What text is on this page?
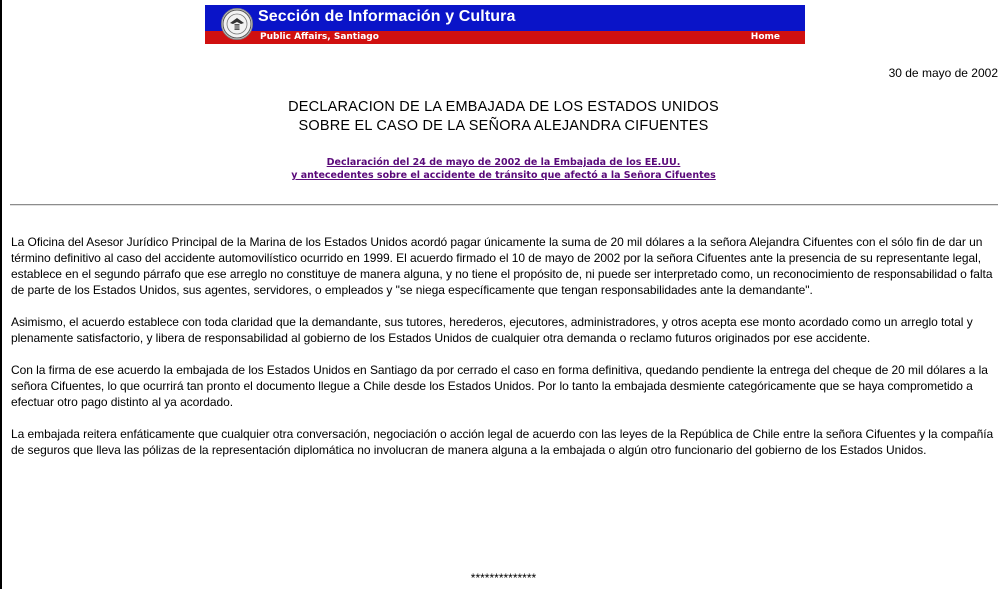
Sección de Información y Cultura
Public Affairs, Santiago	Home
30 de mayo de 2002
DECLARACION DE LA EMBAJADA DE LOS ESTADOS UNIDOS
SOBRE EL CASO DE LA SEÑORA ALEJANDRA CIFUENTES
Declaración del 24 de mayo de 2002 de la Embajada de los EE.UU.
y antecedentes sobre el accidente de tránsito que afectó a la Señora Cifuentes

La Oficina del Asesor Jurídico Principal de la Marina de los Estados Unidos acordó pagar únicamente la suma de 20 mil dólares a la señora Alejandra Cifuentes con el sólo fin de dar un término definitivo al caso del accidente automovilístico ocurrido en 1999. El acuerdo firmado el 10 de mayo de 2002 por la señora Cifuentes ante la presencia de su representante legal, establece en el segundo párrafo que ese arreglo no constituye de manera alguna, y no tiene el propósito de, ni puede ser interpretado como, un reconocimiento de responsabilidad o falta de parte de los Estados Unidos, sus agentes, servidores, o empleados y "se niega específicamente que tengan responsabilidades ante la demandante".

Asimismo, el acuerdo establece con toda claridad que la demandante, sus tutores, herederos, ejecutores, administradores, y otros acepta ese monto acordado como un arreglo total y plenamente satisfactorio, y libera de responsabilidad al gobierno de los Estados Unidos de cualquier otra demanda o reclamo futuros originados por ese accidente.

Con la firma de ese acuerdo la embajada de los Estados Unidos en Santiago da por cerrado el caso en forma definitiva, quedando pendiente la entrega del cheque de 20 mil dólares a la señora Cifuentes, lo que ocurrirá tan pronto el documento llegue a Chile desde los Estados Unidos. Por lo tanto la embajada desmiente categóricamente que se haya comprometido a efectuar otro pago distinto al ya acordado.

La embajada reitera enfáticamente que cualquier otra conversación, negociación o acción legal de acuerdo con las leyes de la República de Chile entre la señora Cifuentes y la compañía de seguros que lleva las pólizas de la representación diplomática no involucran de manera alguna a la embajada o algún otro funcionario del gobierno de los Estados Unidos.

**************
